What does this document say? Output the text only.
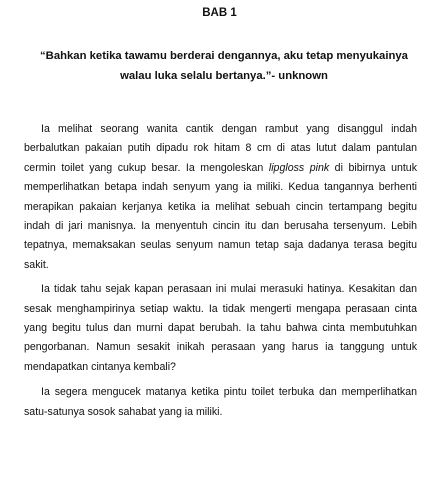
BAB 1

“Bahkan ketika tawamu berderai dengannya, aku tetap menyukainya
walau luka selalu bertanya.”- unknown

Ia melihat seorang wanita cantik dengan rambut yang disanggul indah berbalutkan pakaian putih dipadu rok hitam 8 cm di atas lutut dalam pantulan cermin toilet yang cukup besar. Ia mengoleskan lipgloss pink di bibirnya untuk memperlihatkan betapa indah senyum yang ia miliki. Kedua tangannya berhenti merapikan pakaian kerjanya ketika ia melihat sebuah cincin tertampang begitu indah di jari manisnya. Ia menyentuh cincin itu dan berusaha tersenyum. Lebih tepatnya, memaksakan seulas senyum namun tetap saja dadanya terasa begitu sakit.

Ia tidak tahu sejak kapan perasaan ini mulai merasuki hatinya. Kesakitan dan sesak menghampirinya setiap waktu. Ia tidak mengerti mengapa perasaan cinta yang begitu tulus dan murni dapat berubah. Ia tahu bahwa cinta membutuhkan pengorbanan. Namun sesakit inikah perasaan yang harus ia tanggung untuk mendapatkan cintanya kembali?

Ia segera mengucek matanya ketika pintu toilet terbuka dan memperlihatkan satu-satunya sosok sahabat yang ia miliki.
